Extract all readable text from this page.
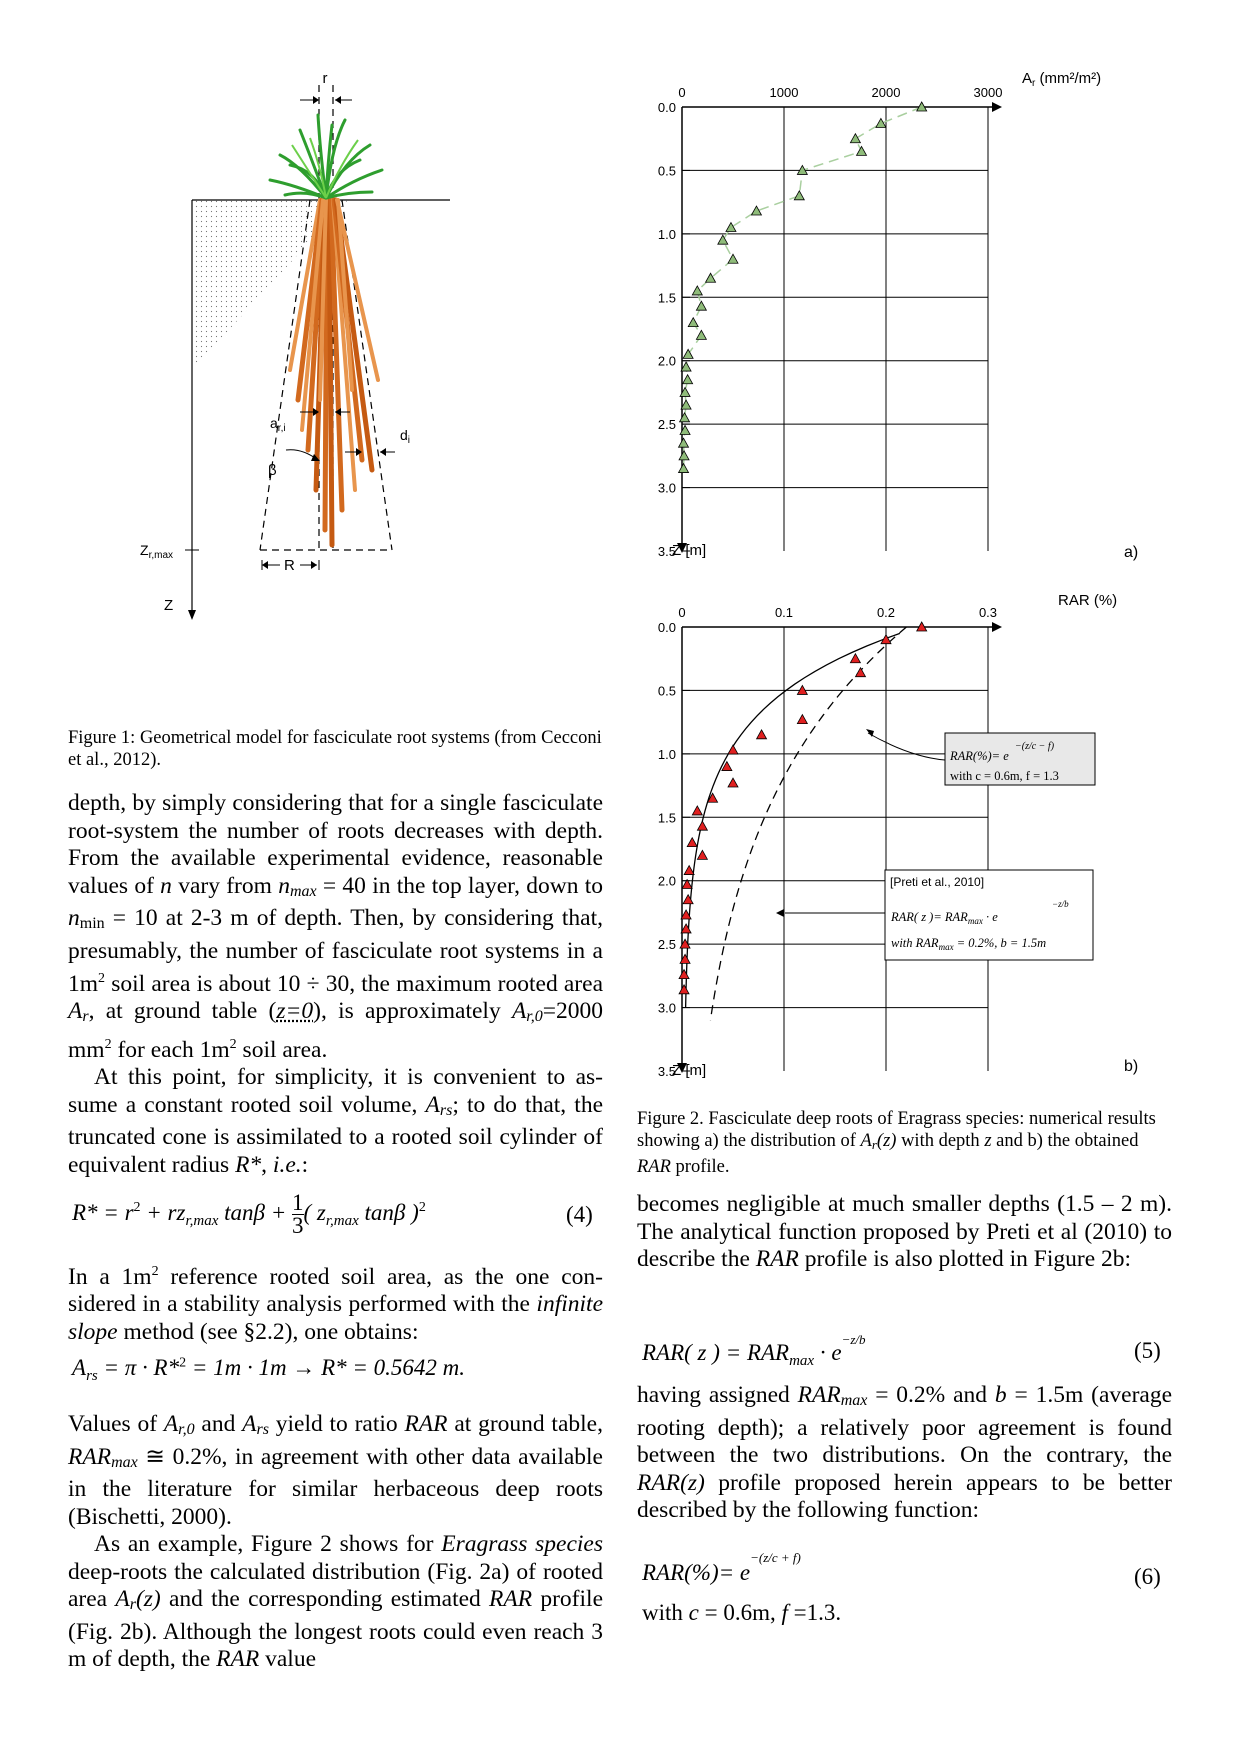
r
$a_{r,i}$	$d_i$
β
R
$Z_{r,max}$
Z
Figure 1: Geometrical model for fasciculate root systems (from Cecconi et al., 2012).

depth, by simply considering that for a single fasciculate root-system the number of roots decreases with depth. From the available experimental evidence, reasonable values of n vary from nmax = 40 in the top layer, down to nmin = 10 at 2-3 m of depth. Then, by considering that, presumably, the number of fasciculate root systems in a $1m^2$ soil area is about 10 ÷ 30, the maximum rooted area Ar, at ground table (z=0), is approximately Ar,0=2000 $mm^2$ for each $1m^2$ soil area.

At this point, for simplicity, it is convenient to assume a constant rooted soil volume, Ars; to do that, the truncated cone is assimilated to a rooted soil cylinder of equivalent radius R*, i.e.:

$R* = r^2 + rz_{r,max}$ $\tan\beta + \frac{1}{3}$ ( $z_{r,max}$ tanβ )$^2$	(4)

In a $1m^2$ reference rooted soil area, as the one considered in a stability analysis performed with the infinite slope method (see §2.2), one obtains:

$A_{rs} = \pi \cdot R*^2 = 1m \cdot 1m \to R* = 0.5642$ m.

Values of Ar,0 and Ars yield to ratio RAR at ground table, RARmax ≅ 0.2%, in agreement with other data available in the literature for similar herbaceous deep roots (Bischetti, 2000).

As an example, Figure 2 shows for Eragrass species deep-roots the calculated distribution (Fig. 2a) of rooted area Ar(z) and the corresponding estimated RAR profile (Fig. 2b). Although the longest roots could even reach 3 m of depth, the RAR value

0	1000	2000	3000
0.0
0.5
1.0
1.5
2.0
2.5
3.0
3.5
$A_r$ (mm²/m²)
Z [m]	a)
0	0.1	0.2	0.3
0.0
0.5
1.0
1.5
2.0
2.5
3.0
3.5
RAR (%)
Z [m]	b)
RAR(%)= e
−(z/c − f)
with c = 0.6m, f = 1.3
[Preti et al., 2010]
RAR( z )= $RAR_{max} \cdot e$
−z/b
with $RAR_{max} = 0.2\%$, b = 1.5m
Figure 2. Fasciculate deep roots of Eragrass species: numerical results showing a) the distribution of Ar(z) with depth z and b) the obtained RAR profile.

becomes negligible at much smaller depths (1.5 – 2 m). The analytical function proposed by Preti et al (2010) to describe the RAR profile is also plotted in Figure 2b:

RAR( z ) = $RAR_{max} \cdot e^{-z/b}$	(5)

having assigned RARmax = 0.2% and b = 1.5m (average rooting depth); a relatively poor agreement is found between the two distributions. On the contrary, the RAR(z) profile proposed herein appears to be better described by the following function:

$RAR(\%)= e^{-(z/c + f)}$
(6)
with c = 0.6m, f =1.3.
